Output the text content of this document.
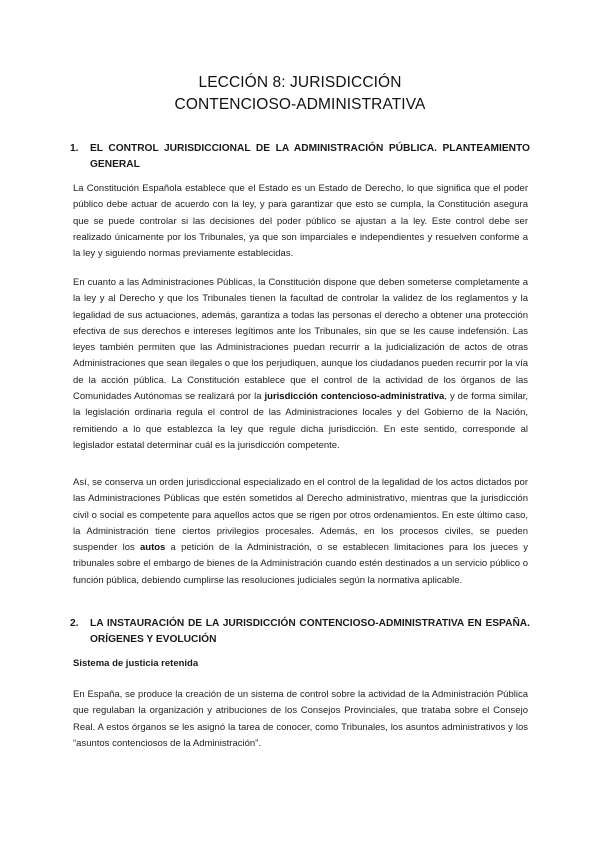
LECCIÓN 8: JURISDICCIÓN
CONTENCIOSO-ADMINISTRATIVA
1. EL CONTROL JURISDICCIONAL DE LA ADMINISTRACIÓN PÚBLICA. PLANTEAMIENTO GENERAL

La Constitución Española establece que el Estado es un Estado de Derecho, lo que significa que el poder público debe actuar de acuerdo con la ley, y para garantizar que esto se cumpla, la Constitución asegura que se puede controlar si las decisiones del poder público se ajustan a la ley. Este control debe ser realizado únicamente por los Tribunales, ya que son imparciales e independientes y resuelven conforme a la ley y siguiendo normas previamente establecidas.

En cuanto a las Administraciones Públicas, la Constitución dispone que deben someterse completamente a la ley y al Derecho y que los Tribunales tienen la facultad de controlar la validez de los reglamentos y la legalidad de sus actuaciones, además, garantiza a todas las personas el derecho a obtener una protección efectiva de sus derechos e intereses legítimos ante los Tribunales, sin que se les cause indefensión. Las leyes también permiten que las Administraciones puedan recurrir a la judicialización de actos de otras Administraciones que sean ilegales o que los perjudiquen, aunque los ciudadanos pueden recurrir por la vía de la acción pública. La Constitución establece que el control de la actividad de los órganos de las Comunidades Autónomas se realizará por la jurisdicción contencioso-administrativa, y de forma similar, la legislación ordinaria regula el control de las Administraciones locales y del Gobierno de la Nación, remitiendo a lo que establezca la ley que regule dicha jurisdicción. En este sentido, corresponde al legislador estatal determinar cuál es la jurisdicción competente.

Así, se conserva un orden jurisdiccional especializado en el control de la legalidad de los actos dictados por las Administraciones Públicas que estén sometidos al Derecho administrativo, mientras que la jurisdicción civil o social es competente para aquellos actos que se rigen por otros ordenamientos. En este último caso, la Administración tiene ciertos privilegios procesales. Además, en los procesos civiles, se pueden suspender los autos a petición de la Administración, o se establecen limitaciones para los jueces y tribunales sobre el embargo de bienes de la Administración cuando estén destinados a un servicio público o función pública, debiendo cumplirse las resoluciones judiciales según la normativa aplicable.

2. LA INSTAURACIÓN DE LA JURISDICCIÓN CONTENCIOSO-ADMINISTRATIVA EN ESPAÑA. ORÍGENES Y EVOLUCIÓN
Sistema de justicia retenida

En España, se produce la creación de un sistema de control sobre la actividad de la Administración Pública que regulaban la organización y atribuciones de los Consejos Provinciales, que trataba sobre el Consejo Real. A estos órganos se les asignó la tarea de conocer, como Tribunales, los asuntos administrativos y los “asuntos contenciosos de la Administración”.
